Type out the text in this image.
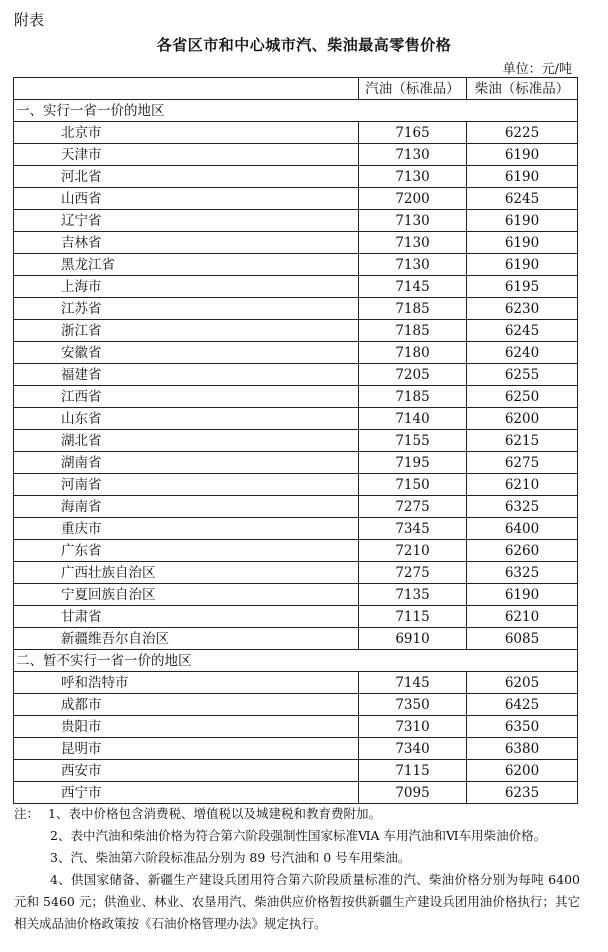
附表
各省区市和中心城市汽、柴油最高零售价格
单位：元/吨
	汽油（标准品）	柴油（标准品）
一、实行一省一价的地区		
北京市	7165	6225
天津市	7130	6190
河北省	7130	6190
山西省	7200	6245
辽宁省	7130	6190
吉林省	7130	6190
黑龙江省	7130	6190
上海市	7145	6195
江苏省	7185	6230
浙江省	7185	6245
安徽省	7180	6240
福建省	7205	6255
江西省	7185	6250
山东省	7140	6200
湖北省	7155	6215
湖南省	7195	6275
河南省	7150	6210
海南省	7275	6325
重庆市	7345	6400
广东省	7210	6260
广西壮族自治区	7275	6325
宁夏回族自治区	7135	6190
甘肃省	7115	6210
新疆维吾尔自治区	6910	6085
二、暂不实行一省一价的地区		
呼和浩特市	7145	6205
成都市	7350	6425
贵阳市	7310	6350
昆明市	7340	6380
西安市	7115	6200
西宁市	7095	6235

注： 1、表中价格包含消费税、增值税以及城建税和教育费附加。

2、表中汽油和柴油价格为符合第六阶段强制性国家标准ⅥA 车用汽油和Ⅵ车用柴油价格。

3、汽、柴油第六阶段标准品分别为 89 号汽油和 0 号车用柴油。

4、供国家储备、新疆生产建设兵团用符合第六阶段质量标准的汽、柴油价格分别为每吨 6400 元和 5460 元；供渔业、林业、农垦用汽、柴油供应价格暂按供新疆生产建设兵团用油价格执行；其它相关成品油价格政策按《石油价格管理办法》规定执行。
